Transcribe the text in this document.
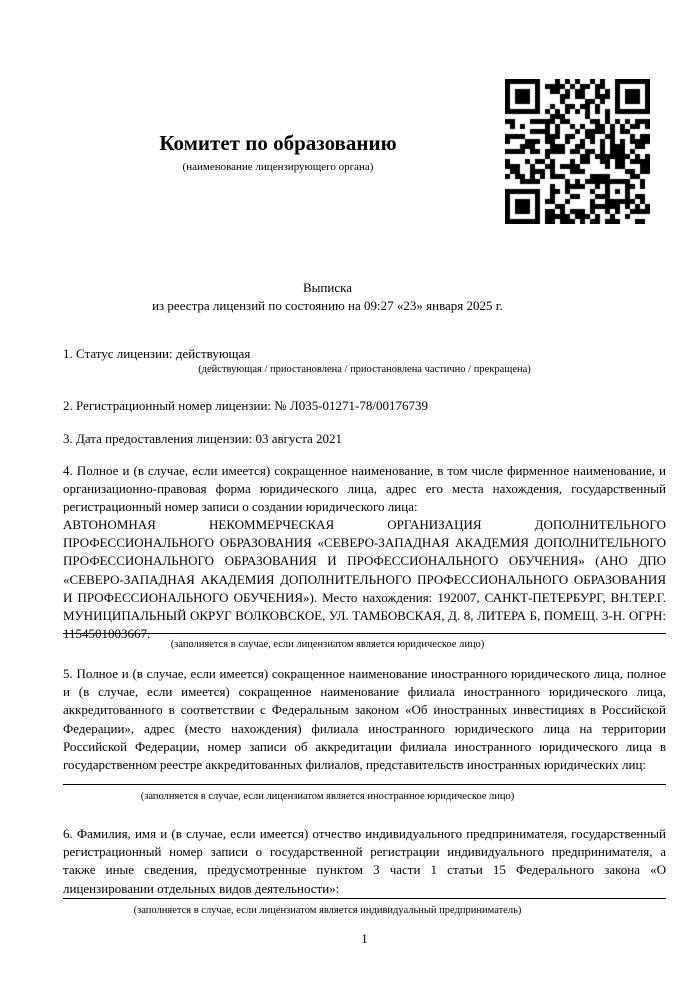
Комитет по образованию
(наименование лицензирующего органа)
Выписка
из реестра лицензий по состоянию на 09:27 «23» января 2025 г.
1. Статус лицензии: действующая
(действующая / приостановлена / приостановлена частично / прекращена)
2. Регистрационный номер лицензии: № Л035-01271-78/00176739
3. Дата предоставления лицензии: 03 августа 2021
4. Полное и (в случае, если имеется) сокращенное наименование, в том числе фирменное наименование, и организационно-правовая форма юридического лица, адрес его места нахождения, государственный регистрационный номер записи о создании юридического лица:
АВТОНОМНАЯ НЕКОММЕРЧЕСКАЯ ОРГАНИЗАЦИЯ ДОПОЛНИТЕЛЬНОГО ПРОФЕССИОНАЛЬНОГО ОБРАЗОВАНИЯ «СЕВЕРО-ЗАПАДНАЯ АКАДЕМИЯ ДОПОЛНИТЕЛЬНОГО ПРОФЕССИОНАЛЬНОГО ОБРАЗОВАНИЯ И ПРОФЕССИОНАЛЬНОГО ОБУЧЕНИЯ» (АНО ДПО «СЕВЕРО-ЗАПАДНАЯ АКАДЕМИЯ ДОПОЛНИТЕЛЬНОГО ПРОФЕССИОНАЛЬНОГО ОБРАЗОВАНИЯ И ПРОФЕССИОНАЛЬНОГО ОБУЧЕНИЯ»). Место нахождения: 192007, САНКТ-ПЕТЕРБУРГ, ВН.ТЕР.Г. МУНИЦИПАЛЬНЫЙ ОКРУГ ВОЛКОВСКОЕ, УЛ. ТАМБОВСКАЯ, Д. 8, ЛИТЕРА Б, ПОМЕЩ. 3-Н. ОГРН: 1154501003667.
(заполняется в случае, если лицензиатом является юридическое лицо)
5. Полное и (в случае, если имеется) сокращенное наименование иностранного юридического лица, полное и (в случае, если имеется) сокращенное наименование филиала иностранного юридического лица, аккредитованного в соответствии с Федеральным законом «Об иностранных инвестициях в Российской Федерации», адрес (место нахождения) филиала иностранного юридического лица на территории Российской Федерации, номер записи об аккредитации филиала иностранного юридического лица в государственном реестре аккредитованных филиалов, представительств иностранных юридических лиц:
(заполняется в случае, если лицензиатом является иностранное юридическое лицо)
6. Фамилия, имя и (в случае, если имеется) отчество индивидуального предпринимателя, государственный регистрационный номер записи о государственной регистрации индивидуального предпринимателя, а также иные сведения, предусмотренные пунктом 3 части 1 статьи 15 Федерального закона «О лицензировании отдельных видов деятельности»:
(заполняется в случае, если лицензиатом является индивидуальный предприниматель)
1
